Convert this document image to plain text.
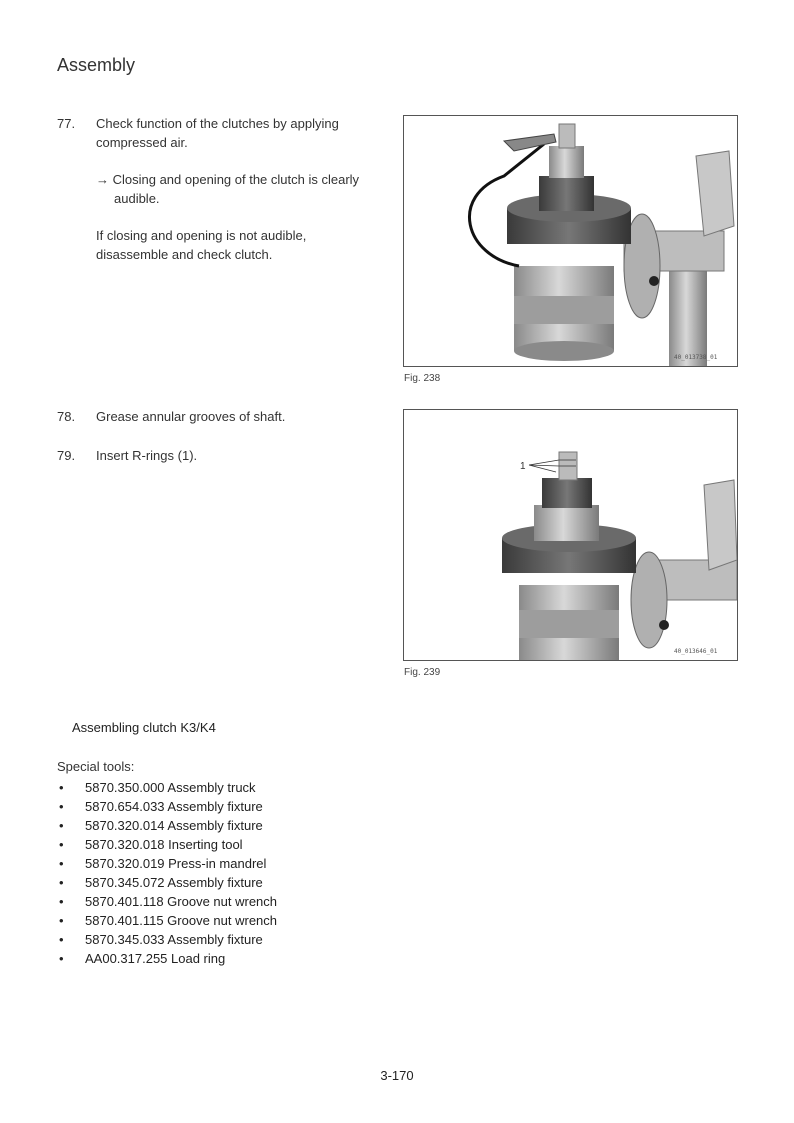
Assembly
77.	Check function of the clutches by applying compressed air.
→ Closing and opening of the clutch is clearly audible.
If closing and opening is not audible, disassemble and check clutch.
40_013738_01
Fig. 238
78.	Grease annular grooves of shaft.
79.	Insert R-rings (1).
1
40_013646_01
Fig. 239
Assembling clutch K3/K4
Special tools:
• 5870.350.000 Assembly truck
• 5870.654.033 Assembly fixture
• 5870.320.014 Assembly fixture
• 5870.320.018 Inserting tool
• 5870.320.019 Press-in mandrel
• 5870.345.072 Assembly fixture
• 5870.401.118 Groove nut wrench
• 5870.401.115 Groove nut wrench
• 5870.345.033 Assembly fixture
• AA00.317.255 Load ring
3-170
